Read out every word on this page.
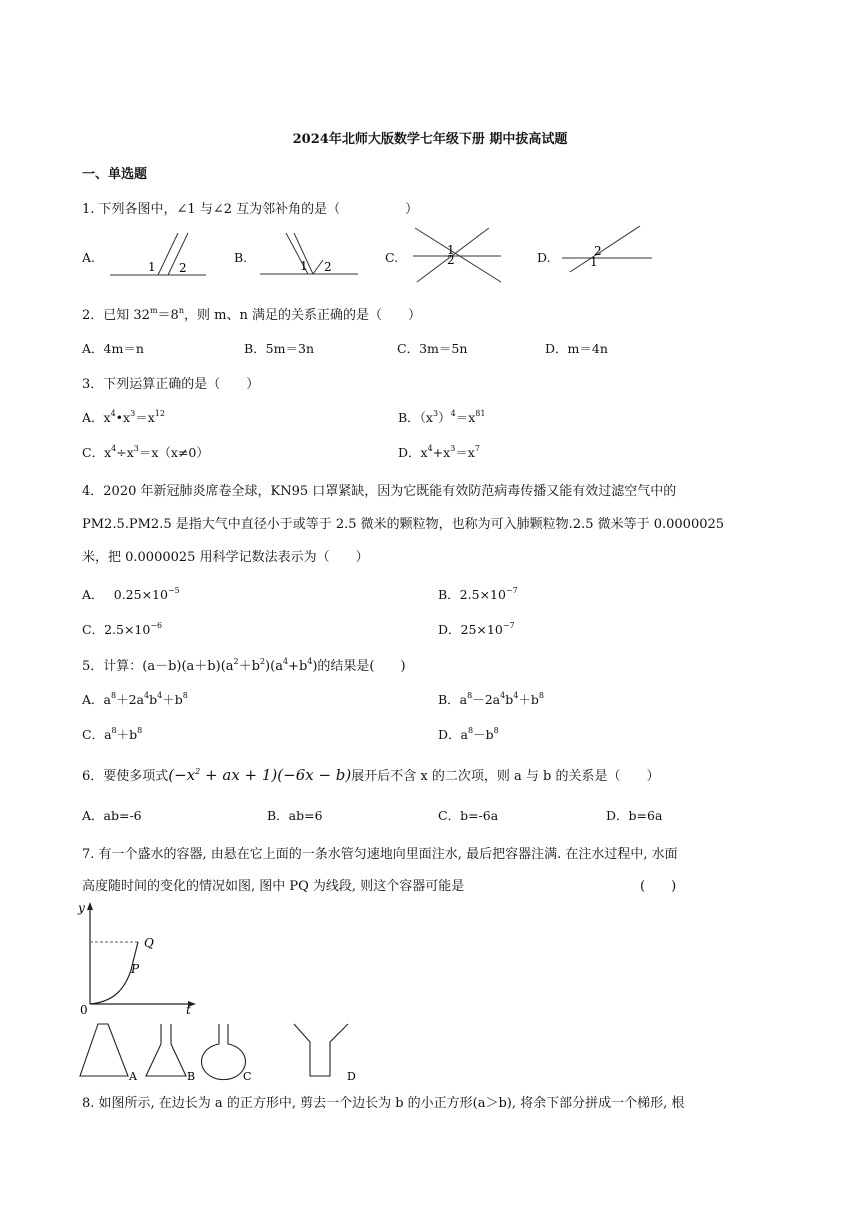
2024年北师大版数学七年级下册 期中拔高试题
一、单选题
1. 下列各图中，∠1 与∠2 互为邻补角的是（　　　　　）
A.	B.	C.	D.
1 2	1 2
1
2
2
1
2．已知 $32^m=8^n$，则 m、n 满足的关系正确的是（　　）
A．4m＝n	B．5m＝3n	C．3m＝5n	D．m＝4n
3．下列运算正确的是（　　）
A．$x^4•x^3=x^{12}$	B．$(x^3)^4=x^{81}$
C．$x^4\div x^3=x(x\ne 0)$	D．$x^4+x^3=x^7$
4．2020 年新冠肺炎席卷全球，KN95 口罩紧缺，因为它既能有效防范病毒传播又能有效过滤空气中的
PM2.5.PM2.5 是指大气中直径小于或等于 2.5 微米的颗粒物，也称为可入肺颗粒物.2.5 微米等于 0.0000025
米，把 0.0000025 用科学记数法表示为（　　）
A．　 $0.25\times 10^{-5}$	B．$2.5\times 10^{-7}$
C．$2.5\times 10^{-6}$	D．$25\times 10^{-7}$
5．计算：$(a-b)(a+b)(a^2+b^2)(a^4+b^4)$的结果是(　　)
A．$a^8+2a^4b^4+b^8$	B．$a^8-2a^4b^4+b^8$
C．$a^8+b^8$	D．$a^8-b^8$
6．要使多项式($-x^2$ + ax + 1)(−6x − b)展开后不含 x 的二次项，则 a 与 b 的关系是（　　）
A．ab=-6	B．ab=6	C．b=-6a	D．b=6a
7. 有一个盛水的容器, 由悬在它上面的一条水管匀速地向里面注水, 最后把容器注满. 在注水过程中, 水面
高度随时间的变化的情况如图, 图中 PQ 为线段, 则这个容器可能是	(　　)
y
t
0
Q
P
A	B	C	D
8. 如图所示, 在边长为 a 的正方形中, 剪去一个边长为 b 的小正方形(a＞b), 将余下部分拼成一个梯形, 根
